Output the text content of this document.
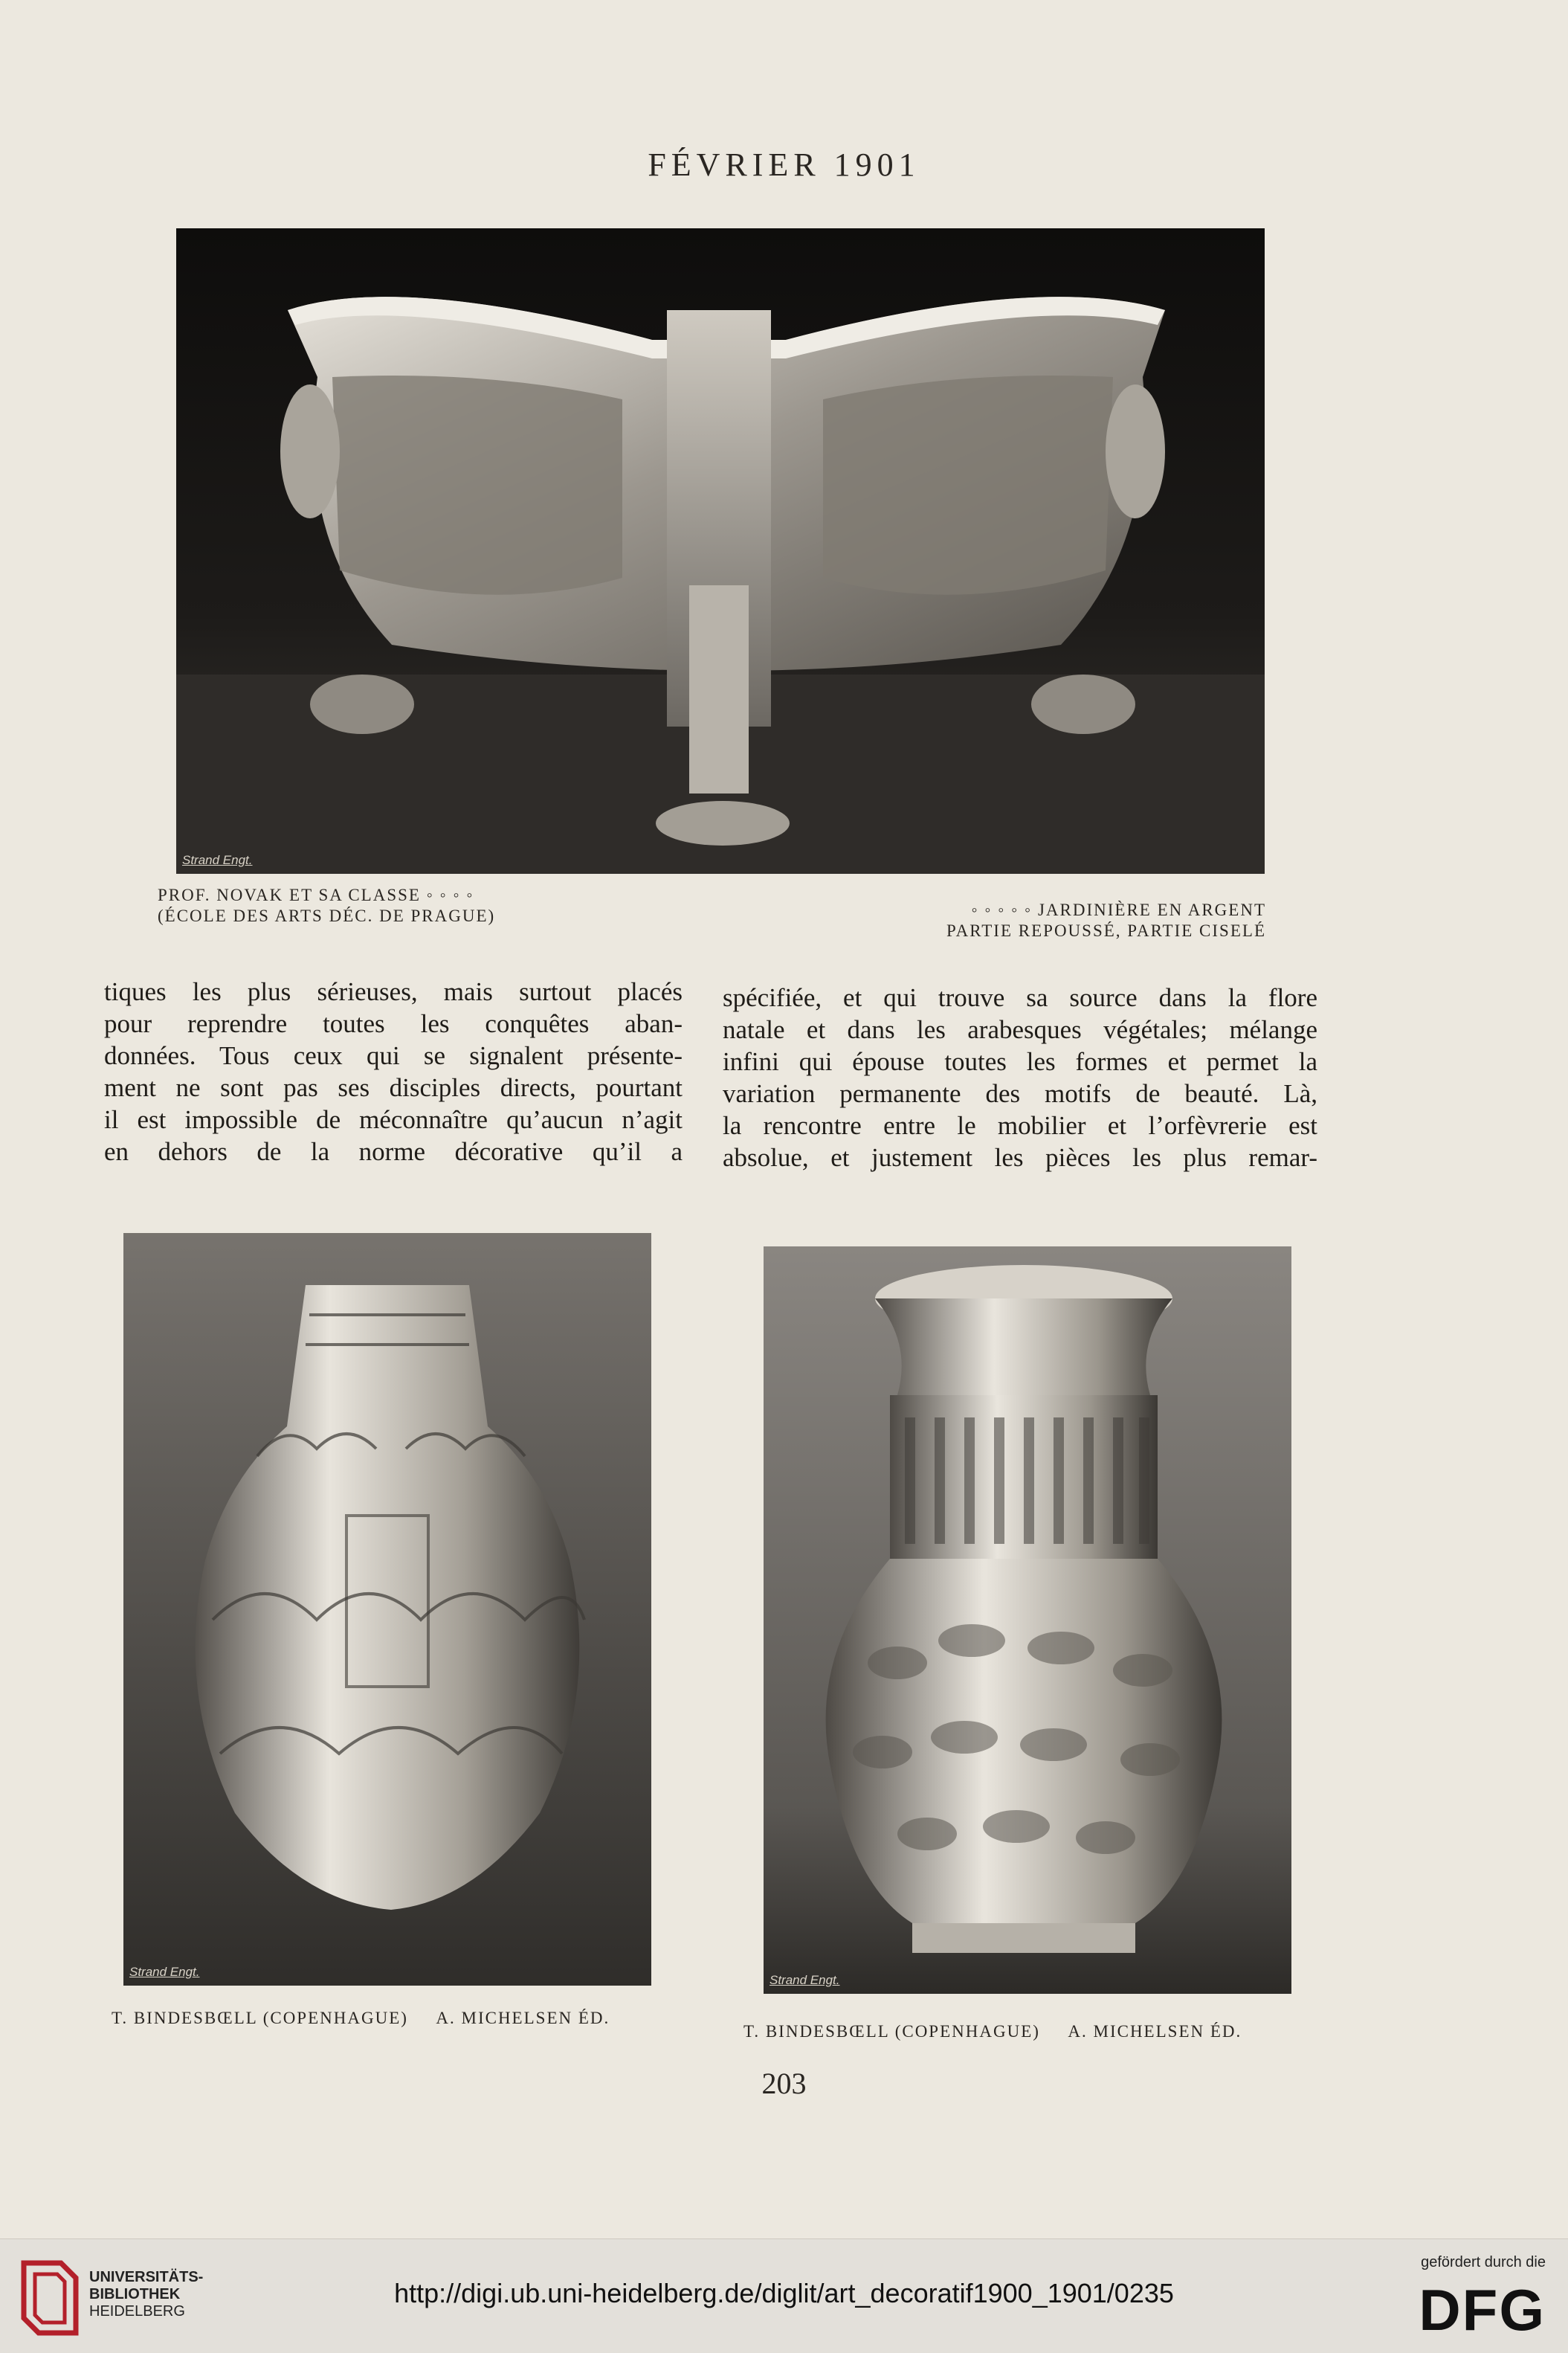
FÉVRIER 1901
Strand Engt.
PROF. NOVAK ET SA CLASSE ◦ ◦ ◦ ◦
(ÉCOLE DES ARTS DÉC. DE PRAGUE)	◦ ◦ ◦ ◦ ◦ JARDINIÈRE EN ARGENT
PARTIE REPOUSSÉ, PARTIE CISELÉ
tiques les plus sérieuses, mais surtout placés
pour reprendre toutes les conquêtes aban-
données. Tous ceux qui se signalent présente-
ment ne sont pas ses disciples directs, pourtant
il est impossible de méconnaître qu’aucun n’agit
en dehors de la norme décorative qu’il a
spécifiée, et qui trouve sa source dans la flore
natale et dans les arabesques végétales; mélange
infini qui épouse toutes les formes et permet la
variation permanente des motifs de beauté. Là,
la rencontre entre le mobilier et l’orfèvrerie est
absolue, et justement les pièces les plus remar-
Strand Engt.
T. BINDESBŒLL (COPENHAGUE)     A. MICHELSEN ÉD.
Strand Engt.
T. BINDESBŒLL (COPENHAGUE)     A. MICHELSEN ÉD.
203
UNIVERSITÄTS-
BIBLIOTHEK
HEIDELBERG
http://digi.ub.uni-heidelberg.de/diglit/art_decoratif1900_1901/0235
gefördert durch die
DFG
